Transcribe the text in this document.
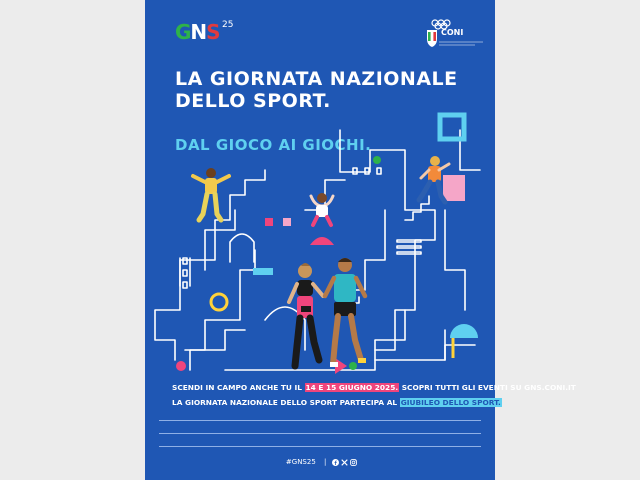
GNS 25
CONI
LA GIORNATA NAZIONALE
DELLO SPORT.
DAL GIOCO AI GIOCHI.
SCENDI IN CAMPO ANCHE TU IL 14 E 15 GIUGNO 2025. SCOPRI TUTTI GLI EVENTI SU GNS.CONI.IT
LA GIORNATA NAZIONALE DELLO SPORT PARTECIPA AL GIUBILEO DELLO SPORT.
#GNS25 |
